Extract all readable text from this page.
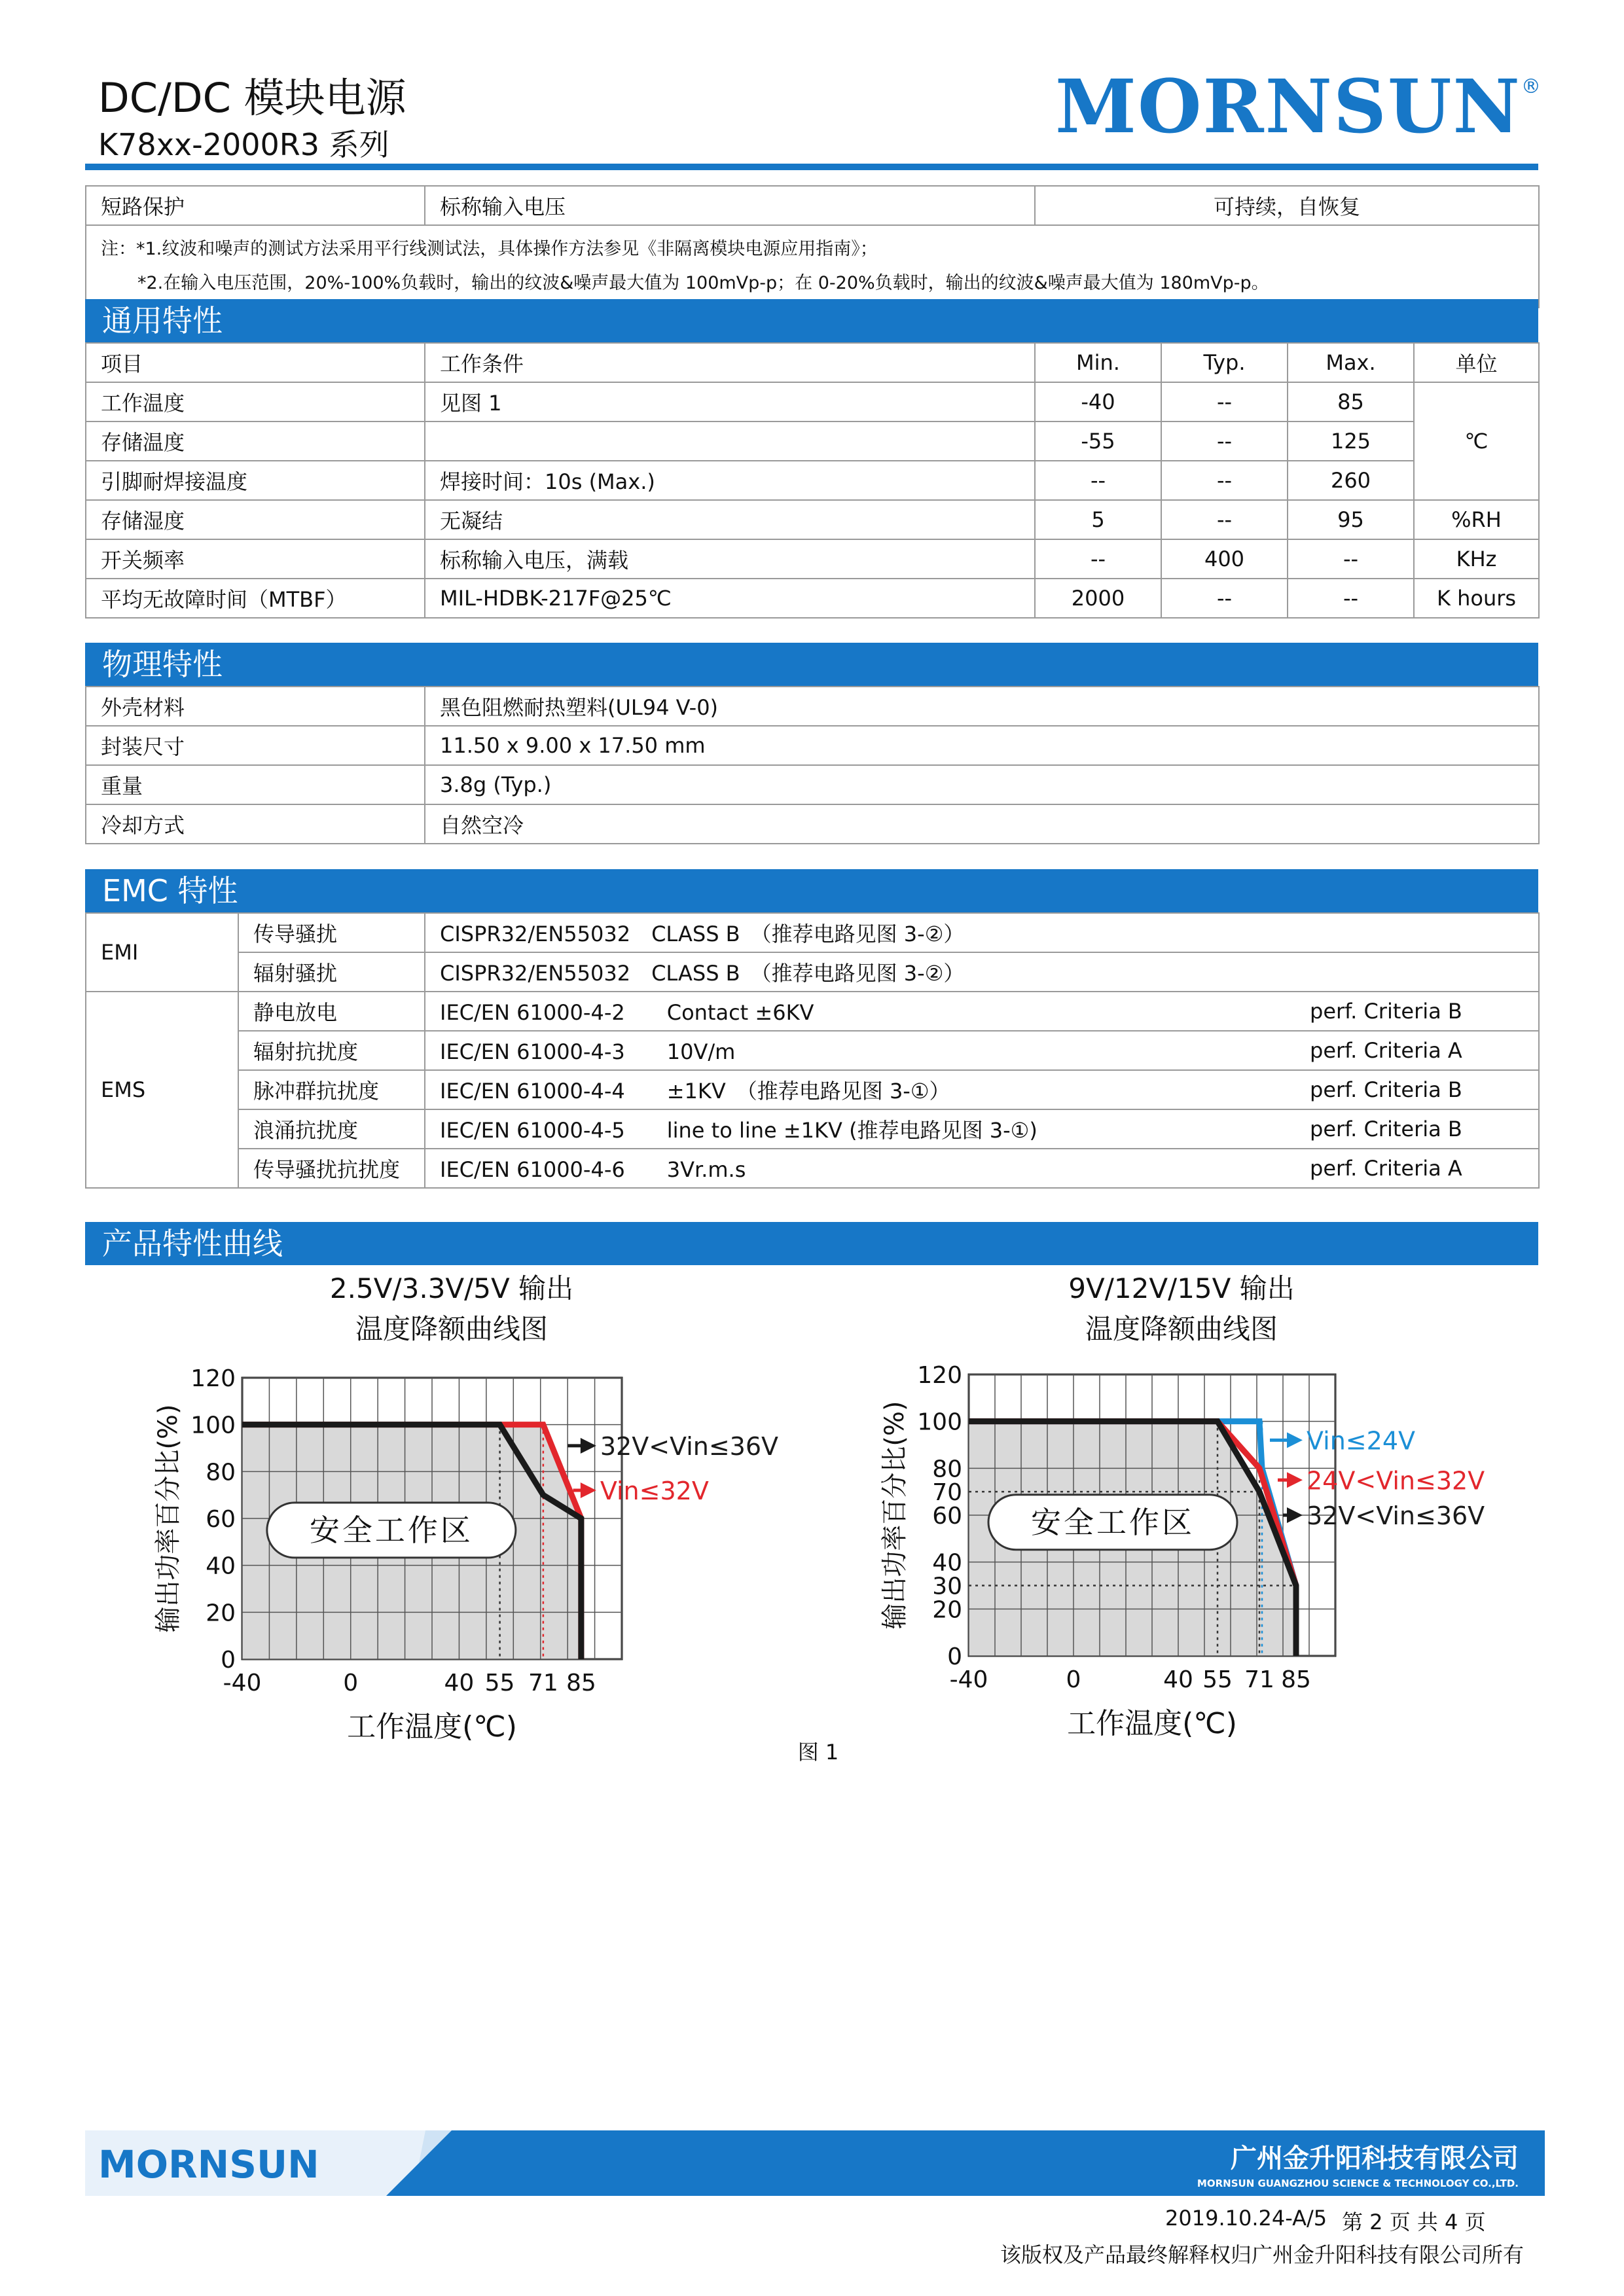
DC/DC 模块电源
K78xx-2000R3 系列	MORNSUN®
短路保护	标称输入电压	可持续，自恢复

注：*1.纹波和噪声的测试方法采用平行线测试法，具体操作方法参见《非隔离模块电源应用指南》；
*2.在输入电压范围，20%-100%负载时，输出的纹波&噪声最大值为 100mVp-p；在 0-20%负载时，输出的纹波&噪声最大值为 180mVp-p。
通用特性
项目	工作条件	Min.	Typ.	Max.	单位
工作温度	见图 1	-40	--	85	℃
存储温度		-55	--	125	
引脚耐焊接温度	焊接时间：10s (Max.)	--	--	260	
存储湿度	无凝结	5	--	95	%RH
开关频率	标称输入电压，满载	--	400	--	KHz
平均无故障时间（MTBF）	MIL-HDBK-217F@25℃	2000	--	--	K hours
物理特性
外壳材料	黑色阻燃耐热塑料(UL94 V-0)
封装尺寸	11.50 x 9.00 x 17.50 mm
重量	3.8g (Typ.)
冷却方式	自然空冷
EMC 特性
EMI	传导骚扰	CISPR32/EN55032　CLASS B　（推荐电路见图 3-②）	
	辐射骚扰	CISPR32/EN55032　CLASS B　（推荐电路见图 3-②）	
EMS	静电放电	IEC/EN 61000-4-2　　Contact ±6KV	perf. Criteria B
	辐射抗扰度	IEC/EN 61000-4-3　　10V/m	perf. Criteria A
	脉冲群抗扰度	IEC/EN 61000-4-4　　±1KV　（推荐电路见图 3-①）	perf. Criteria B
	浪涌抗扰度	IEC/EN 61000-4-5　　line to line ±1KV (推荐电路见图 3-①)	perf. Criteria B
	传导骚扰抗扰度	IEC/EN 61000-4-6　　3Vr.m.s	perf. Criteria A
产品特性曲线
2.5V/3.3V/5V 输出
温度降额曲线图
9V/12V/15V 输出
温度降额曲线图
0
20
40
60
80
100
120
-40	0	40 55 71 85
工作温度(℃)
输出功率百分比(%)	安全工作区
32V<Vin≤36V
Vin≤32V
0
20
30
40
60
70
80
100
120
-40	0	40 55 71 85
工作温度(℃)
输出功率百分比(%)	安全工作区
Vin≤24V
24V<Vin≤32V
32V<Vin≤36V
图 1
MORNSUN	广州金升阳科技有限公司
MORNSUN GUANGZHOU SCIENCE & TECHNOLOGY CO.,LTD.
2019.10.24-A/5 第 2 页 共 4 页
该版权及产品最终解释权归广州金升阳科技有限公司所有
